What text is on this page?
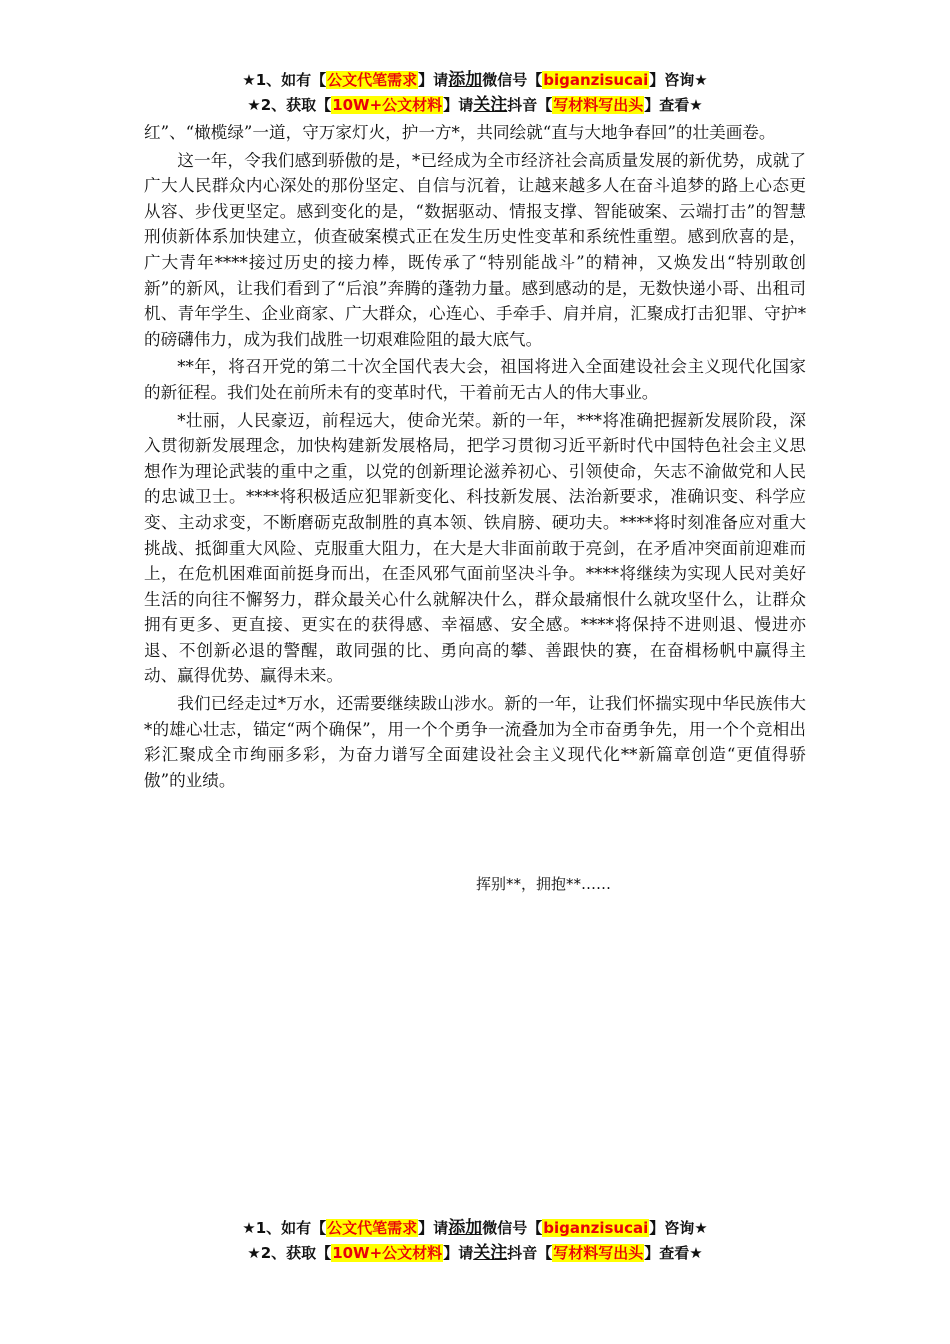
★1、如有【公文代笔需求】请添加微信号【biganzisucai】咨询★
★2、获取【10W+公文材料】请关注抖音【写材料写出头】查看★

红”、“橄榄绿”一道，守万家灯火，护一方*，共同绘就“直与大地争春回”的壮美画卷。

这一年，令我们感到骄傲的是，*已经成为全市经济社会高质量发展的新优势，成就了广大人民群众内心深处的那份坚定、自信与沉着，让越来越多人在奋斗追梦的路上心态更从容、步伐更坚定。感到变化的是，“数据驱动、情报支撑、智能破案、云端打击”的智慧刑侦新体系加快建立，侦查破案模式正在发生历史性变革和系统性重塑。感到欣喜的是，广大青年****接过历史的接力棒，既传承了“特别能战斗”的精神，又焕发出“特别敢创新”的新风，让我们看到了“后浪”奔腾的蓬勃力量。感到感动的是，无数快递小哥、出租司机、青年学生、企业商家、广大群众，心连心、手牵手、肩并肩，汇聚成打击犯罪、守护*的磅礴伟力，成为我们战胜一切艰难险阻的最大底气。

**年，将召开党的第二十次全国代表大会，祖国将进入全面建设社会主义现代化国家的新征程。我们处在前所未有的变革时代，干着前无古人的伟大事业。

*壮丽，人民豪迈，前程远大，使命光荣。新的一年，***将准确把握新发展阶段，深入贯彻新发展理念，加快构建新发展格局，把学习贯彻习近平新时代中国特色社会主义思想作为理论武装的重中之重，以党的创新理论滋养初心、引领使命，矢志不渝做党和人民的忠诚卫士。****将积极适应犯罪新变化、科技新发展、法治新要求，准确识变、科学应变、主动求变，不断磨砺克敌制胜的真本领、铁肩膀、硬功夫。****将时刻准备应对重大挑战、抵御重大风险、克服重大阻力，在大是大非面前敢于亮剑，在矛盾冲突面前迎难而上，在危机困难面前挺身而出，在歪风邪气面前坚决斗争。****将继续为实现人民对美好生活的向往不懈努力，群众最关心什么就解决什么，群众最痛恨什么就攻坚什么，让群众拥有更多、更直接、更实在的获得感、幸福感、安全感。****将保持不进则退、慢进亦退、不创新必退的警醒，敢同强的比、勇向高的攀、善跟快的赛，在奋楫杨帆中赢得主动、赢得优势、赢得未来。

我们已经走过*万水，还需要继续跋山涉水。新的一年，让我们怀揣实现中华民族伟大*的雄心壮志，锚定“两个确保”，用一个个勇争一流叠加为全市奋勇争先，用一个个竞相出彩汇聚成全市绚丽多彩，为奋力谱写全面建设社会主义现代化**新篇章创造“更值得骄傲”的业绩。

挥别**，拥抱**……
★1、如有【公文代笔需求】请添加微信号【biganzisucai】咨询★
★2、获取【10W+公文材料】请关注抖音【写材料写出头】查看★
